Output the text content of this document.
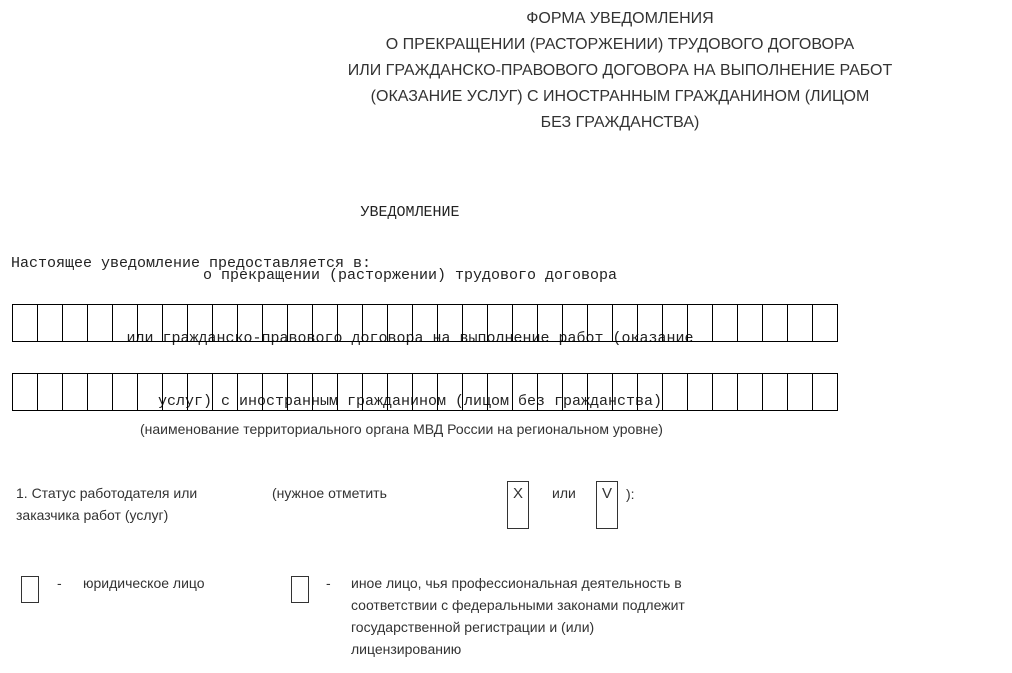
ФОРМА УВЕДОМЛЕНИЯ
О ПРЕКРАЩЕНИИ (РАСТОРЖЕНИИ) ТРУДОВОГО ДОГОВОРА
ИЛИ ГРАЖДАНСКО-ПРАВОВОГО ДОГОВОРА НА ВЫПОЛНЕНИЕ РАБОТ
(ОКАЗАНИЕ УСЛУГ) С ИНОСТРАННЫМ ГРАЖДАНИНОМ (ЛИЦОМ
БЕЗ ГРАЖДАНСТВА)

УВЕДОМЛЕНИЕ

о прекращении (расторжении) трудового договора

или гражданско-правового договора на выполнение работ (оказание

услуг) с иностранным гражданином (лицом без гражданства)

Настоящее уведомление предоставляется в:
(наименование территориального органа МВД России на региональном уровне)
1. Статус работодателя или
заказчика работ (услуг)
(нужное отметить	X	или	V	):
- юридическое лицо	- иное лицо, чья профессиональная деятельность в
соответствии с федеральными законами подлежит
государственной регистрации и (или)
лицензированию
